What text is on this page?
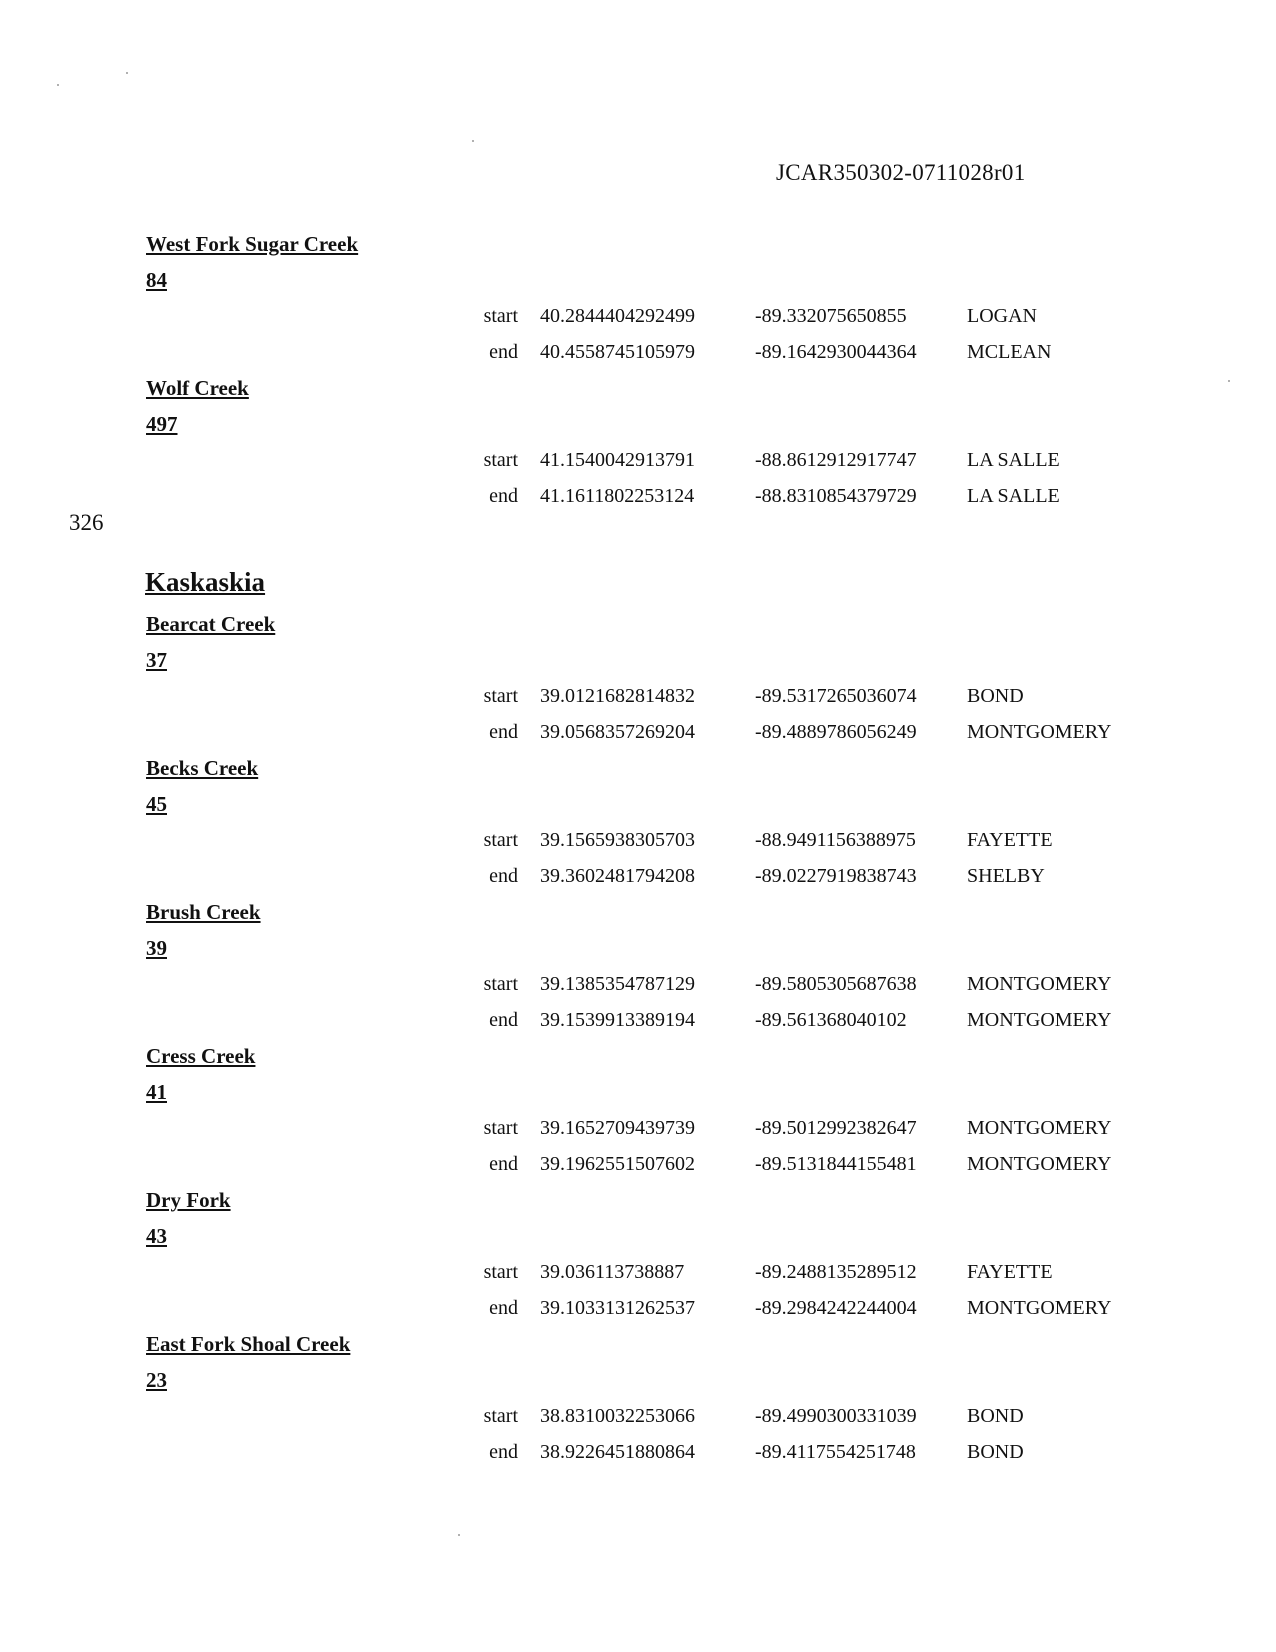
JCAR350302-0711028r01
326
West Fork Sugar Creek
84
start 40.2844404292499	-89.332075650855	LOGAN
end 40.4558745105979	-89.1642930044364	MCLEAN
Wolf Creek
497
start 41.1540042913791	-88.8612912917747	LA SALLE
end 41.1611802253124	-88.8310854379729	LA SALLE
Kaskaskia
Bearcat Creek
37
start 39.0121682814832	-89.5317265036074	BOND
end 39.0568357269204	-89.4889786056249	MONTGOMERY
Becks Creek
45
start 39.1565938305703	-88.9491156388975	FAYETTE
end 39.3602481794208	-89.0227919838743	SHELBY
Brush Creek
39
start 39.1385354787129	-89.5805305687638	MONTGOMERY
end 39.1539913389194	-89.561368040102	MONTGOMERY
Cress Creek
41
start 39.1652709439739	-89.5012992382647	MONTGOMERY
end 39.1962551507602	-89.5131844155481	MONTGOMERY
Dry Fork
43
start 39.036113738887	-89.2488135289512	FAYETTE
end 39.1033131262537	-89.2984242244004	MONTGOMERY
East Fork Shoal Creek
23
start 38.8310032253066	-89.4990300331039	BOND
end 38.9226451880864	-89.4117554251748	BOND
